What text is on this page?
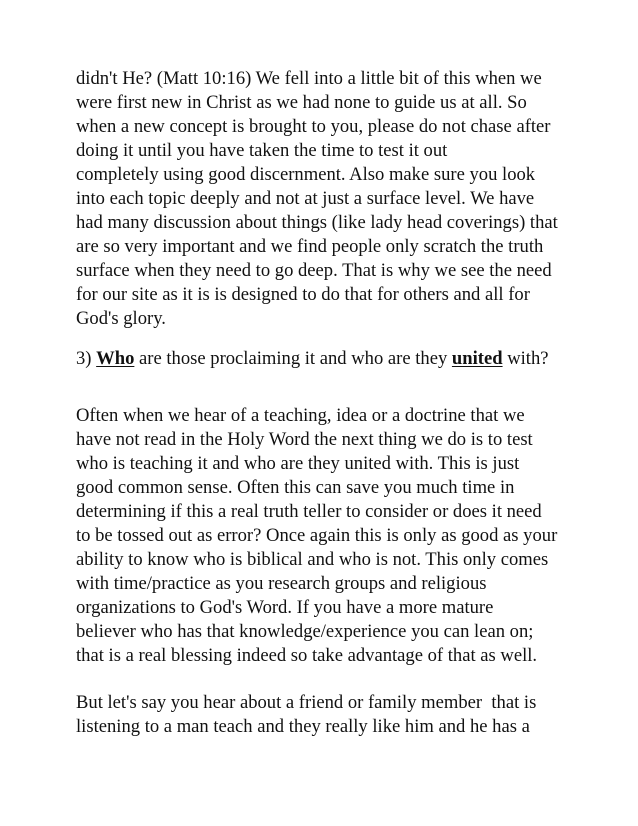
didn't He? (Matt 10:16) We fell into a little bit of this when we
were first new in Christ as we had none to guide us at all. So
when a new concept is brought to you, please do not chase after
doing it until you have taken the time to test it out
completely using good discernment. Also make sure you look
into each topic deeply and not at just a surface level. We have
had many discussion about things (like lady head coverings) that
are so very important and we find people only scratch the truth
surface when they need to go deep. That is why we see the need
for our site as it is is designed to do that for others and all for
God's glory.
3) Who are those proclaiming it and who are they united with?
Often when we hear of a teaching, idea or a doctrine that we
have not read in the Holy Word the next thing we do is to test
who is teaching it and who are they united with. This is just
good common sense. Often this can save you much time in
determining if this a real truth teller to consider or does it need
to be tossed out as error? Once again this is only as good as your
ability to know who is biblical and who is not. This only comes
with time/practice as you research groups and religious
organizations to God's Word. If you have a more mature
believer who has that knowledge/experience you can lean on;
that is a real blessing indeed so take advantage of that as well.
But let's say you hear about a friend or family member  that is
listening to a man teach and they really like him and he has a
